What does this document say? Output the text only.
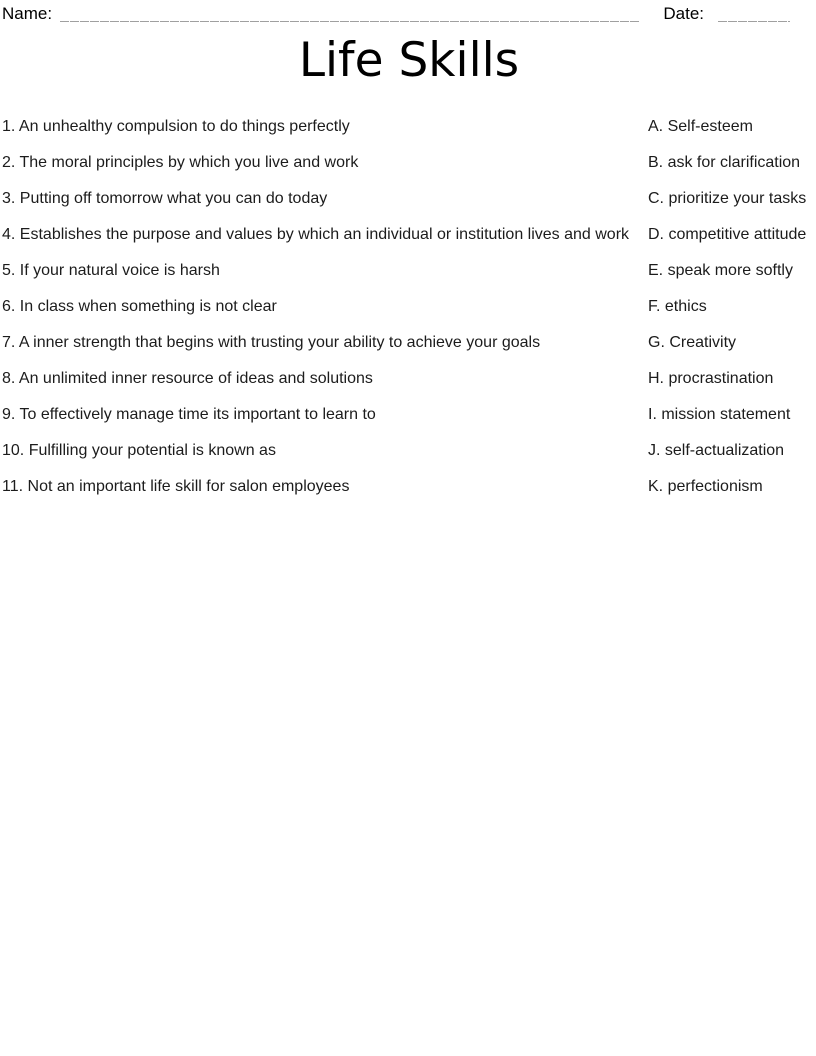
Name:	Date:
Life Skills
1. An unhealthy compulsion to do things perfectly	A. Self-esteem
2. The moral principles by which you live and work	B. ask for clarification
3. Putting off tomorrow what you can do today	C. prioritize your tasks
4. Establishes the purpose and values by which an individual or institution lives and work	D. competitive attitude
5. If your natural voice is harsh	E. speak more softly
6. In class when something is not clear	F. ethics
7. A inner strength that begins with trusting your ability to achieve your goals	G. Creativity
8. An unlimited inner resource of ideas and solutions	H. procrastination
9. To effectively manage time its important to learn to	I. mission statement
10. Fulfilling your potential is known as	J. self-actualization
11. Not an important life skill for salon employees	K. perfectionism
